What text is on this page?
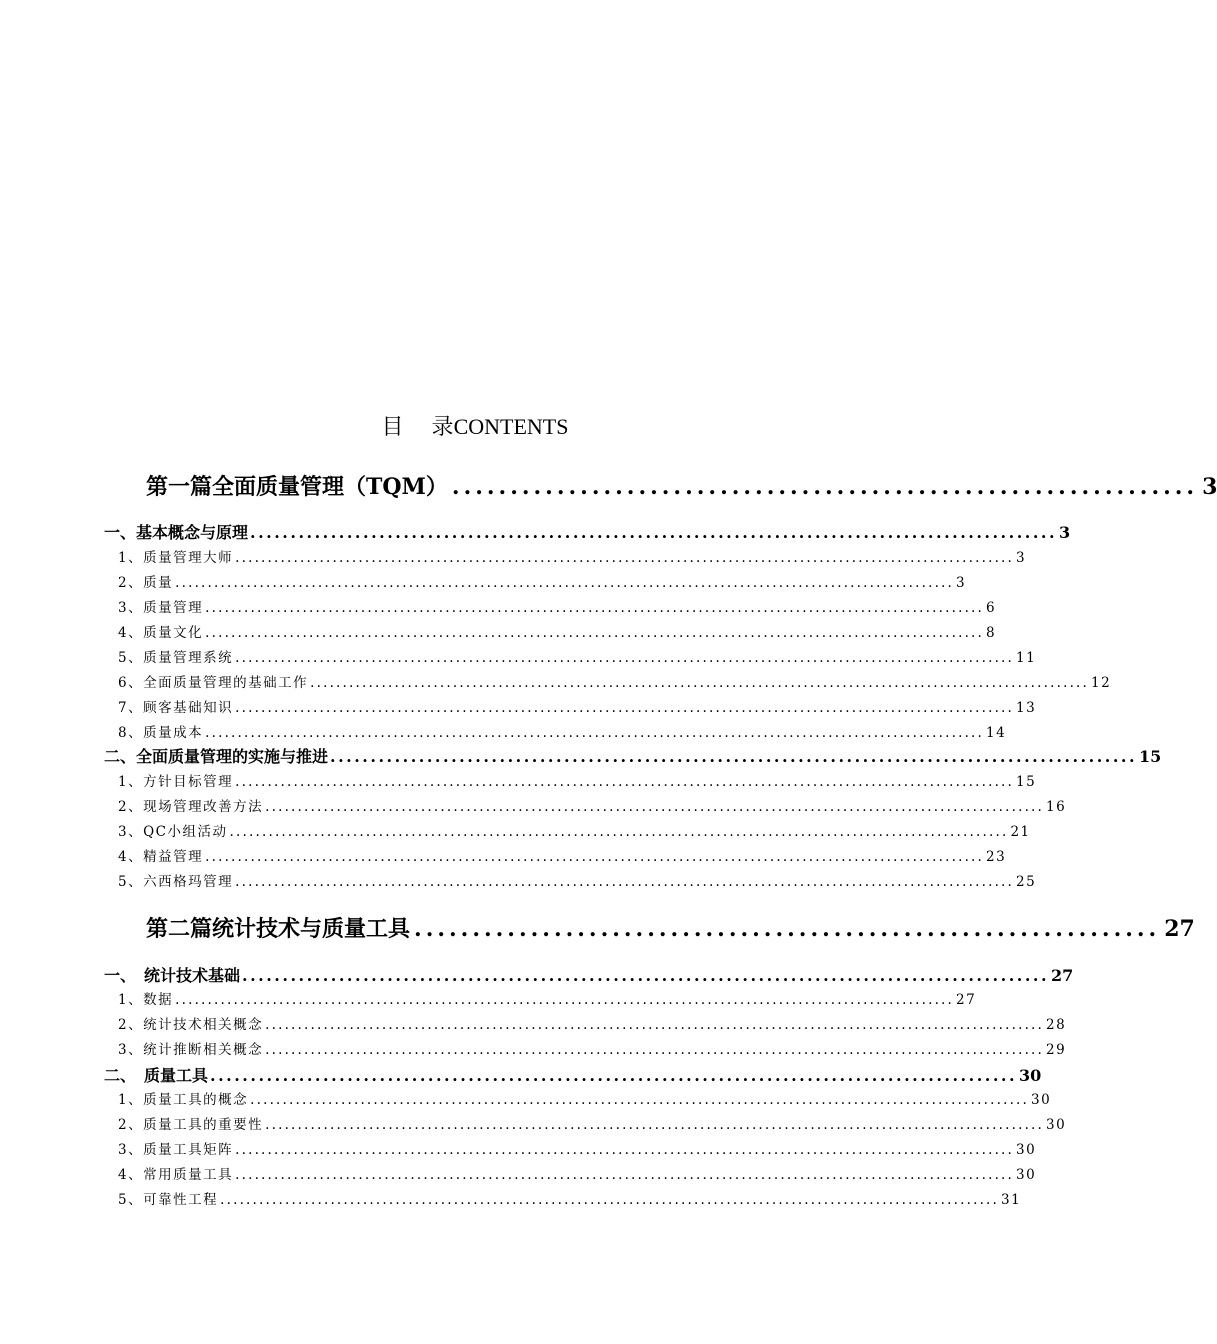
目 录CONTENTS
第一篇 全面质量管理（TQM） ................................................................ 3
一、基本概念与原理 .................................................................................................... 3
1、质量管理大师 ........................................................................................................................ 3
2、质量 ........................................................................................................................ 3
3、质量管理 ........................................................................................................................ 6
4、质量文化 ........................................................................................................................ 8
5、质量管理系统 ........................................................................................................................ 11
6、全面质量管理的基础工作 ........................................................................................................................ 12
7、顾客基础知识 ........................................................................................................................ 13
8、质量成本 ........................................................................................................................ 14
二、全面质量管理的实施与推进 .................................................................................................... 15
1、方针目标管理 ........................................................................................................................ 15
2、现场管理改善方法 ........................................................................................................................ 16
3、QC小组活动 ........................................................................................................................ 21
4、精益管理 ........................................................................................................................ 23
5、六西格玛管理 ........................................................................................................................ 25
第二篇 统计技术与质量工具 ................................................................ 27
一、　统计技术基础 .................................................................................................... 27
1、数据 ........................................................................................................................ 27
2、统计技术相关概念 ........................................................................................................................ 28
3、统计推断相关概念 ........................................................................................................................ 29
二、　质量工具 .................................................................................................... 30
1、质量工具的概念 ........................................................................................................................ 30
2、质量工具的重要性 ........................................................................................................................ 30
3、质量工具矩阵 ........................................................................................................................ 30
4、常用质量工具 ........................................................................................................................ 30
5、可靠性工程 ........................................................................................................................ 31
